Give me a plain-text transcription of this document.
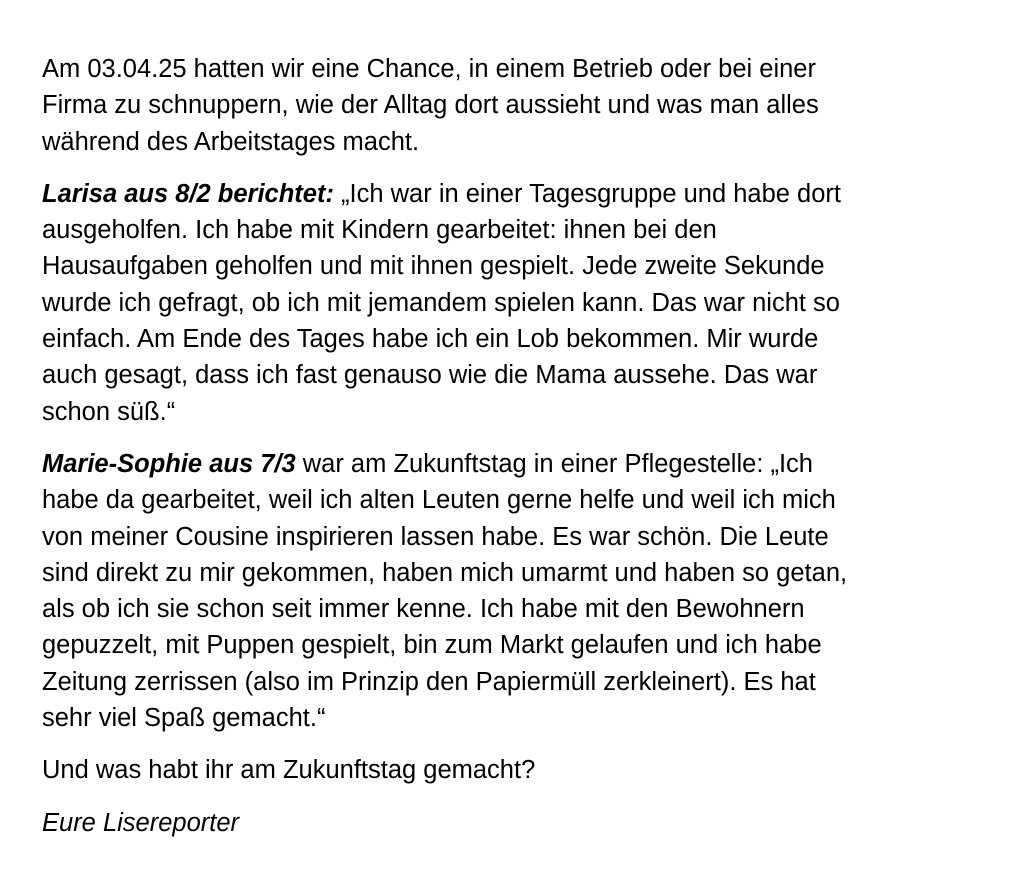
Am 03.04.25 hatten wir eine Chance, in einem Betrieb oder bei einer
Firma zu schnuppern, wie der Alltag dort aussieht und was man alles
während des Arbeitstages macht.

Larisa aus 8/2 berichtet: „Ich war in einer Tagesgruppe und habe dort
ausgeholfen. Ich habe mit Kindern gearbeitet: ihnen bei den
Hausaufgaben geholfen und mit ihnen gespielt. Jede zweite Sekunde
wurde ich gefragt, ob ich mit jemandem spielen kann. Das war nicht so
einfach. Am Ende des Tages habe ich ein Lob bekommen. Mir wurde
auch gesagt, dass ich fast genauso wie die Mama aussehe. Das war
schon süß.“

Marie-Sophie aus 7/3 war am Zukunftstag in einer Pflegestelle: „Ich
habe da gearbeitet, weil ich alten Leuten gerne helfe und weil ich mich
von meiner Cousine inspirieren lassen habe. Es war schön. Die Leute
sind direkt zu mir gekommen, haben mich umarmt und haben so getan,
als ob ich sie schon seit immer kenne. Ich habe mit den Bewohnern
gepuzzelt, mit Puppen gespielt, bin zum Markt gelaufen und ich habe
Zeitung zerrissen (also im Prinzip den Papiermüll zerkleinert). Es hat
sehr viel Spaß gemacht.“

Und was habt ihr am Zukunftstag gemacht?

Eure Lisereporter
